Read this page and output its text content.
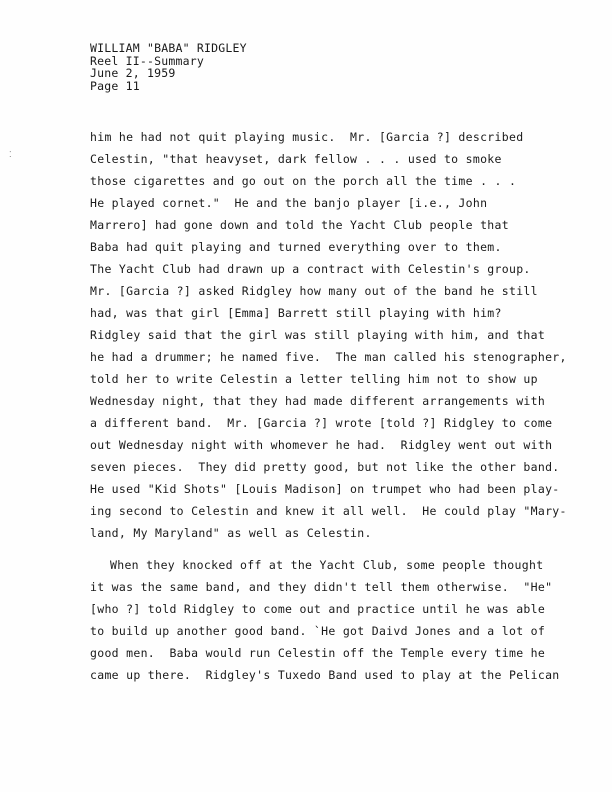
⁚
WILLIAM "BABA" RIDGLEY
Reel II--Summary
June 2, 1959
Page 11
him he had not quit playing music.  Mr. [Garcia ?] described
Celestin, "that heavyset, dark fellow . . . used to smoke
those cigarettes and go out on the porch all the time . . .
He played cornet."  He and the banjo player [i.e., John
Marrero] had gone down and told the Yacht Club people that
Baba had quit playing and turned everything over to them.
The Yacht Club had drawn up a contract with Celestin's group.
Mr. [Garcia ?] asked Ridgley how many out of the band he still
had, was that girl [Emma] Barrett still playing with him?
Ridgley said that the girl was still playing with him, and that
he had a drummer; he named five.  The man called his stenographer,
told her to write Celestin a letter telling him not to show up
Wednesday night, that they had made different arrangements with
a different band.  Mr. [Garcia ?] wrote [told ?] Ridgley to come
out Wednesday night with whomever he had.  Ridgley went out with
seven pieces.  They did pretty good, but not like the other band.
He used "Kid Shots" [Louis Madison] on trumpet who had been play-
ing second to Celestin and knew it all well.  He could play "Mary-
land, My Maryland" as well as Celestin.
When they knocked off at the Yacht Club, some people thought
it was the same band, and they didn't tell them otherwise.  "He"
[who ?] told Ridgley to come out and practice until he was able
to build up another good band. `He got Daivd Jones and a lot of
good men.  Baba would run Celestin off the Temple every time he
came up there.  Ridgley's Tuxedo Band used to play at the Pelican
